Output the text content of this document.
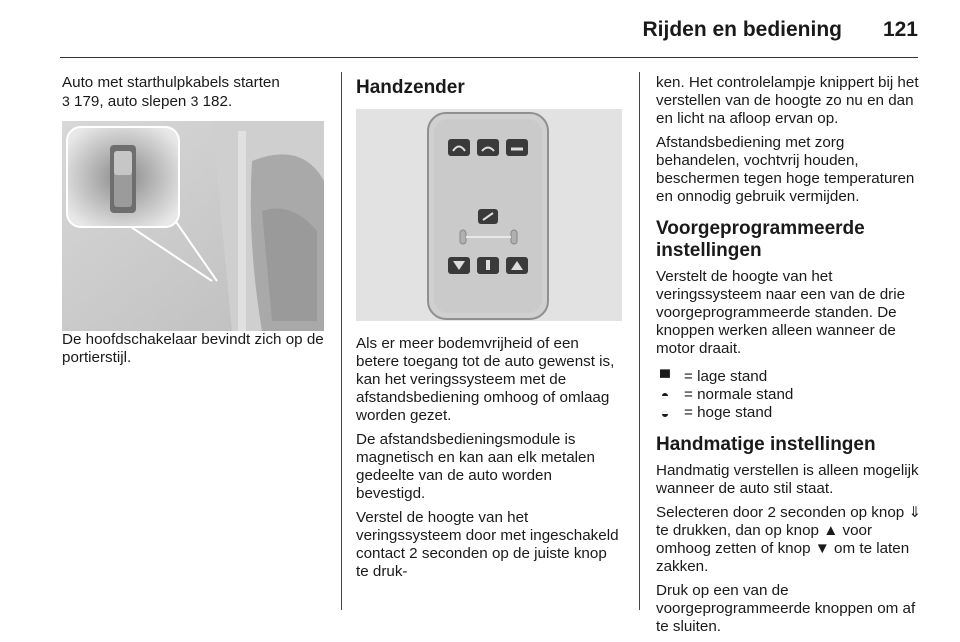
Rijden en bediening 121

Auto met starthulpkabels starten
3 179, auto slepen 3 182.

De hoofdschakelaar bevindt zich op de portierstijl.

Handzender

Als er meer bodemvrijheid of een betere toegang tot de auto gewenst is, kan het veringssysteem met de afstandsbediening omhoog of omlaag worden gezet.

De afstandsbedieningsmodule is magnetisch en kan aan elk metalen gedeelte van de auto worden bevestigd.

Verstel de hoogte van het veringssysteem door met ingeschakeld contact 2 seconden op de juiste knop te druk-

ken. Het controlelampje knippert bij het verstellen van de hoogte zo nu en dan en licht na afloop ervan op.

Afstandsbediening met zorg behandelen, vochtvrij houden, beschermen tegen hoge temperaturen en onnodig gebruik vermijden.

Voorgeprogrammeerde instellingen

Verstelt de hoogte van het veringssysteem naar een van de drie voorgeprogrammeerde standen. De knoppen werken alleen wanneer de motor draait.

▀ = lage stand
◓ = normale stand
◒ = hoge stand

Handmatige instellingen

Handmatig verstellen is alleen mogelijk wanneer de auto stil staat.

Selecteren door 2 seconden op knop ⇓ te drukken, dan op knop ▲ voor omhoog zetten of knop ▼ om te laten zakken.

Druk op een van de voorgeprogrammeerde knoppen om af te sluiten.
